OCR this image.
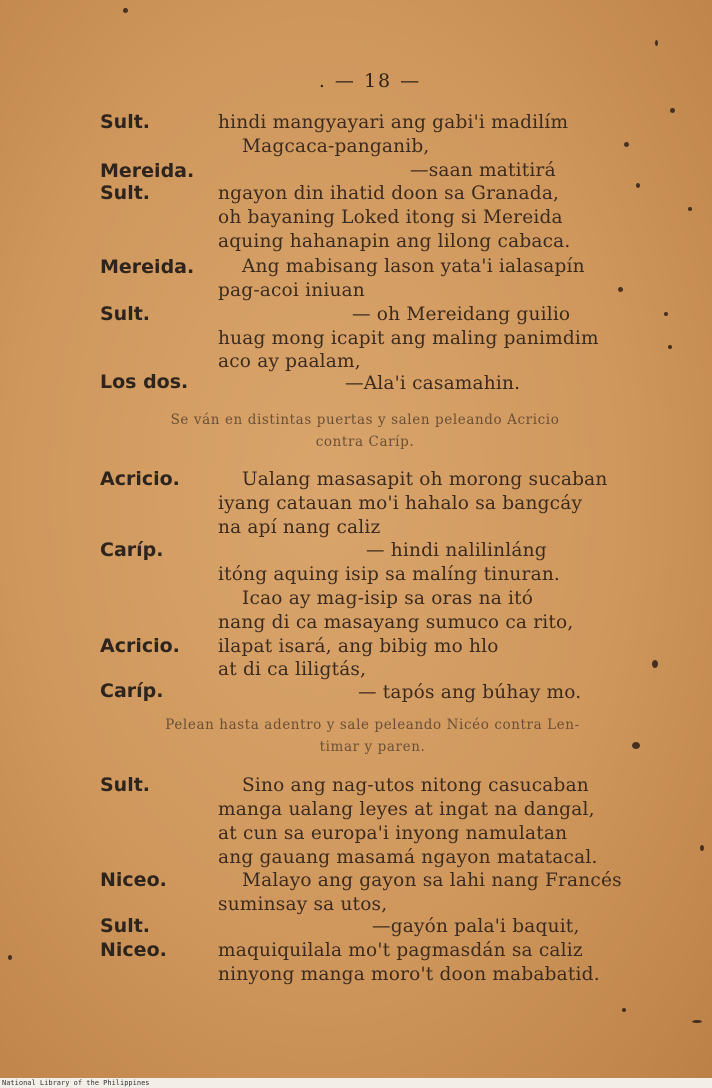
. — 18 —
Sult.
Mereida.
Sult.
Mereida.
Sult.
Los dos.
Acricio.
Caríp.
Acricio.
Caríp.
Sult.
Niceo.
Sult.
Niceo.
hindi mangyayari ang gabi'i madilím
Magcaca-panganib,
—saan matitirá
ngayon din ihatid doon sa Granada,
oh bayaning Loked itong si Mereida
aquing hahanapin ang lilong cabaca.
Ang mabisang lason yata'i ialasapín
pag-acoi iniuan
— oh Mereidang guilio
huag mong icapit ang maling panimdim
aco ay paalam,
—Ala'i casamahin.
Se ván en distintas puertas y salen peleando Acricio
contra Caríp.
Ualang masasapit oh morong sucaban
iyang catauan mo'i hahalo sa bangcáy
na apí nang caliz
— hindi nalilinláng
itóng aquing isip sa malíng tinuran.
Icao ay mag-isip sa oras na itó
nang di ca masayang sumuco ca rito,
ilapat isará, ang bibig mo hlo
at di ca liligtás,
— tapós ang búhay mo.
Pelean hasta adentro y sale peleando Nicéo contra Len-
timar y paren.
Sino ang nag-utos nitong casucaban
manga ualang leyes at ingat na dangal,
at cun sa europa'i inyong namulatan
ang gauang masamá ngayon matatacal.
Malayo ang gayon sa lahi nang Francés
suminsay sa utos,
—gayón pala'i baquit,
maquiquilala mo't pagmasdán sa caliz
ninyong manga moro't doon mababatid.
National Library of the Philippines
